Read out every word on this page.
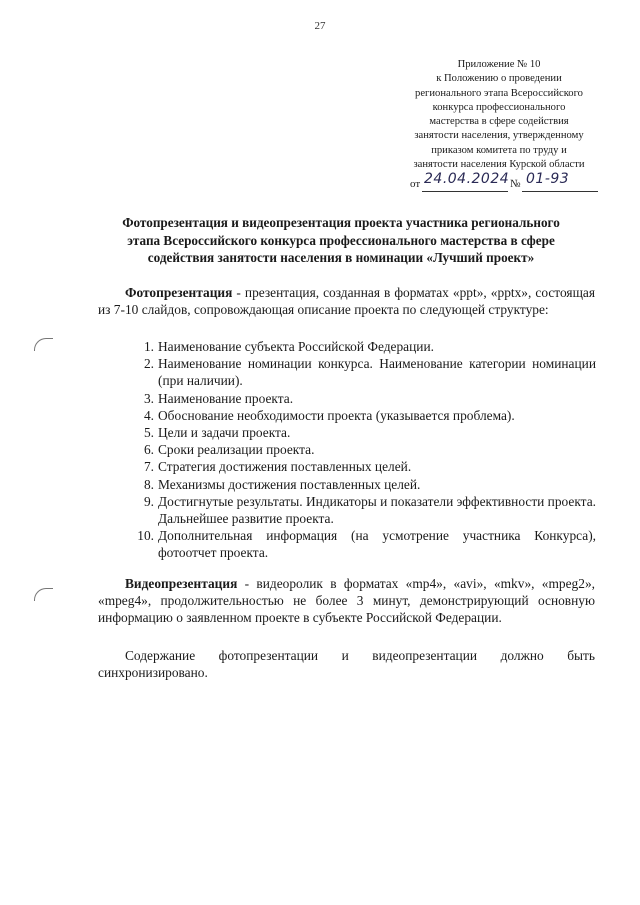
27
Приложение № 10
к Положению о проведении
регионального этапа Всероссийского
конкурса профессионального
мастерства в сфере содействия
занятости населения, утвержденному
приказом комитета по труду и
занятости населения Курской области
от 24.04.2024 № 01-93
Фотопрезентация и видеопрезентация проекта участника регионального
этапа Всероссийского конкурса профессионального мастерства в сфере
содействия занятости населения в номинации «Лучший проект»
Фотопрезентация - презентация, созданная в форматах «ppt», «pptx», состоящая из 7-10 слайдов, сопровождающая описание проекта по следующей структуре:
1. Наименование субъекта Российской Федерации.
2. Наименование номинации конкурса. Наименование категории номинации (при наличии).
3. Наименование проекта.
4. Обоснование необходимости проекта (указывается проблема).
5. Цели и задачи проекта.
6. Сроки реализации проекта.
7. Стратегия достижения поставленных целей.
8. Механизмы достижения поставленных целей.
9. Достигнутые результаты. Индикаторы и показатели эффективности проекта. Дальнейшее развитие проекта.
10. Дополнительная информация (на усмотрение участника Конкурса), фотоотчет проекта.
Видеопрезентация - видеоролик в форматах «mp4», «avi», «mkv», «mpeg2», «mpeg4», продолжительностью не более 3 минут, демонстрирующий основную информацию о заявленном проекте в субъекте Российской Федерации.
Содержание фотопрезентации и видеопрезентации должно быть синхронизировано.
